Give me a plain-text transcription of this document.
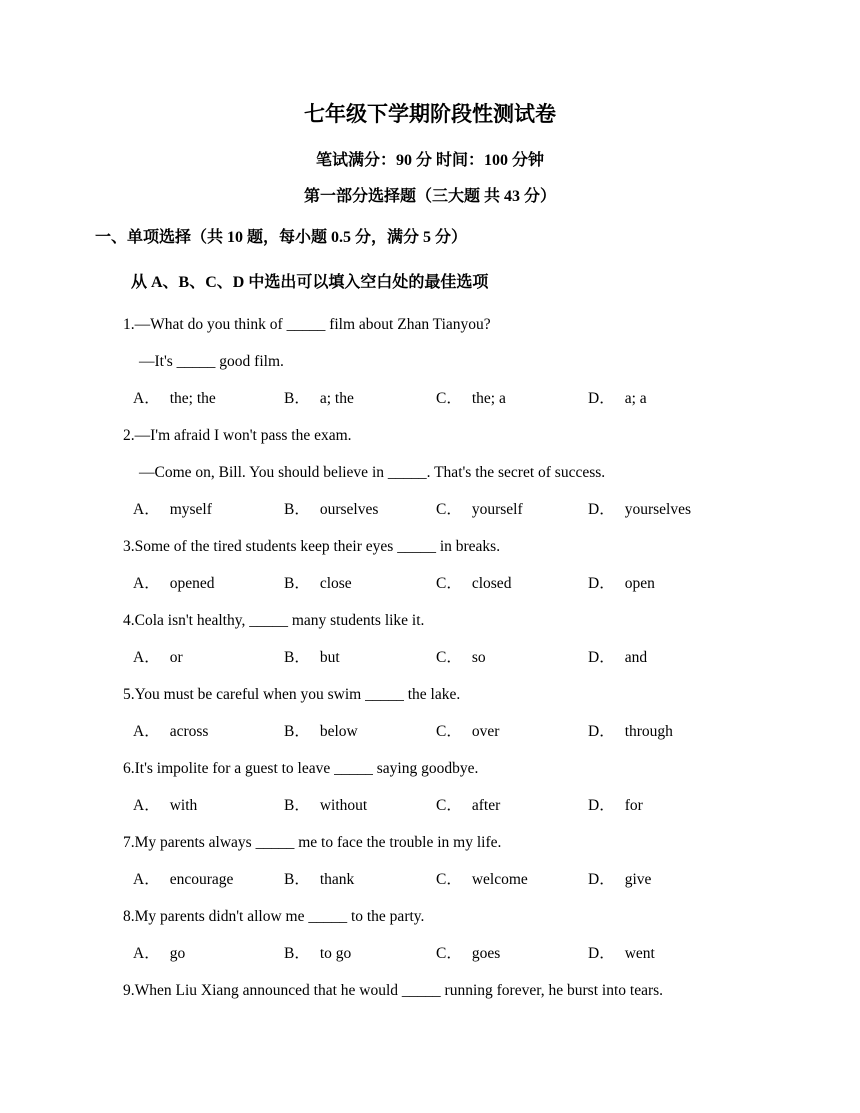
七年级下学期阶段性测试卷
笔试满分：90 分 时间：100 分钟
第一部分选择题（三大题 共 43 分）
一、单项选择（共 10 题，每小题 0.5 分，满分 5 分）
从 A、B、C、D 中选出可以填入空白处的最佳选项
1.—What do you think of _____ film about Zhan Tianyou?
—It's _____ good film.
A． the; the	B． a; the	C． the; a	D． a; a
2.—I'm afraid I won't pass the exam.
—Come on, Bill. You should believe in _____. That's the secret of success.
A． myself	B． ourselves	C． yourself	D． yourselves
3.Some of the tired students keep their eyes _____ in breaks.
A． opened	B． close	C． closed	D． open
4.Cola isn't healthy, _____ many students like it.
A． or	B． but	C． so	D． and
5.You must be careful when you swim _____ the lake.
A． across	B． below	C． over	D． through
6.It's impolite for a guest to leave _____ saying goodbye.
A． with	B． without	C． after	D． for
7.My parents always _____ me to face the trouble in my life.
A． encourage	B． thank	C． welcome	D． give
8.My parents didn't allow me _____ to the party.
A． go	B． to go	C． goes	D． went
9.When Liu Xiang announced that he would _____ running forever, he burst into tears.
